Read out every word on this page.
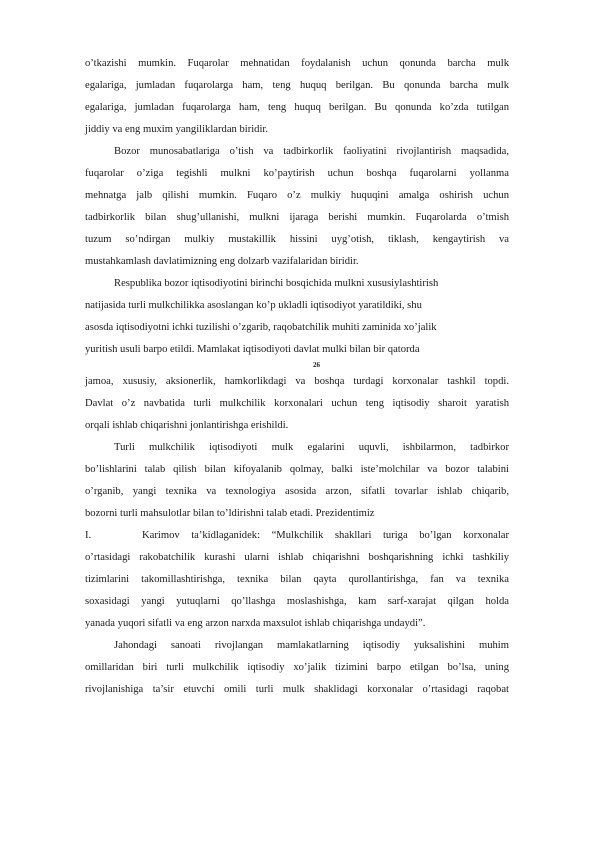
o’tkazishi mumkin. Fuqarolar mehnatidan foydalanish uchun qonunda barcha mulk
egalariga, jumladan fuqarolarga ham, teng huquq berilgan. Bu qonunda barcha mulk
egalariga, jumladan fuqarolarga ham, teng huquq berilgan. Bu qonunda ko’zda tutilgan
jiddiy va eng muxim yangiliklardan biridir.
Bozor munosabatlariga o’tish va tadbirkorlik faoliyatini rivojlantirish maqsadida,
fuqarolar o’ziga tegishli mulkni ko’paytirish uchun boshqa fuqarolarni yollanma
mehnatga jalb qilishi mumkin. Fuqaro o’z mulkiy huquqini amalga oshirish uchun
tadbirkorlik bilan shug’ullanishi, mulkni ijaraga berishi mumkin. Fuqarolarda o’tmish
tuzum so’ndirgan mulkiy mustakillik hissini uyg’otish, tiklash, kengaytirish va
mustahkamlash davlatimizning eng dolzarb vazifalaridan biridir.
Respublika bozor iqtisodiyotini birinchi bosqichida mulkni xususiylashtirish
natijasida turli mulkchilikka asoslangan ko’p ukladli iqtisodiyot yaratildiki, shu
asosda iqtisodiyotni ichki tuzilishi o’zgarib, raqobatchilik muhiti zaminida xo’jalik
yuritish usuli barpo etildi. Mamlakat iqtisodiyoti davlat mulki bilan bir qatorda
26
jamoa, xususiy, aksionerlik, hamkorlikdagi va boshqa turdagi korxonalar tashkil topdi.
Davlat o’z navbatida turli mulkchilik korxonalari uchun teng iqtisodiy sharoit yaratish
orqali ishlab chiqarishni jonlantirishga erishildi.
Turli mulkchilik iqtisodiyoti mulk egalarini uquvli, ishbilarmon, tadbirkor
bo’lishlarini talab qilish bilan kifoyalanib qolmay, balki iste’molchilar va bozor talabini
o’rganib, yangi texnika va texnologiya asosida arzon, sifatli tovarlar ishlab chiqarib,
bozorni turli mahsulotlar bilan to’ldirishni talab etadi. Prezidentimiz
I.	Karimov ta’kidlaganidek: “Mulkchilik shakllari turiga bo’lgan korxonalar
o’rtasidagi rakobatchilik kurashi ularni ishlab chiqarishni boshqarishning ichki tashkiliy
tizimlarini takomillashtirishga, texnika bilan qayta qurollantirishga, fan va texnika
soxasidagi yangi yutuqlarni qo’llashga moslashishga, kam sarf-xarajat qilgan holda
yanada yuqori sifatli va eng arzon narxda maxsulot ishlab chiqarishga undaydi”.
Jahondagi sanoati rivojlangan mamlakatlarning iqtisodiy yuksalishini muhim
omillaridan biri turli mulkchilik iqtisodiy xo’jalik tizimini barpo etilgan bo’lsa, uning
rivojlanishiga ta’sir etuvchi omili turli mulk shaklidagi korxonalar o’rtasidagi raqobat
